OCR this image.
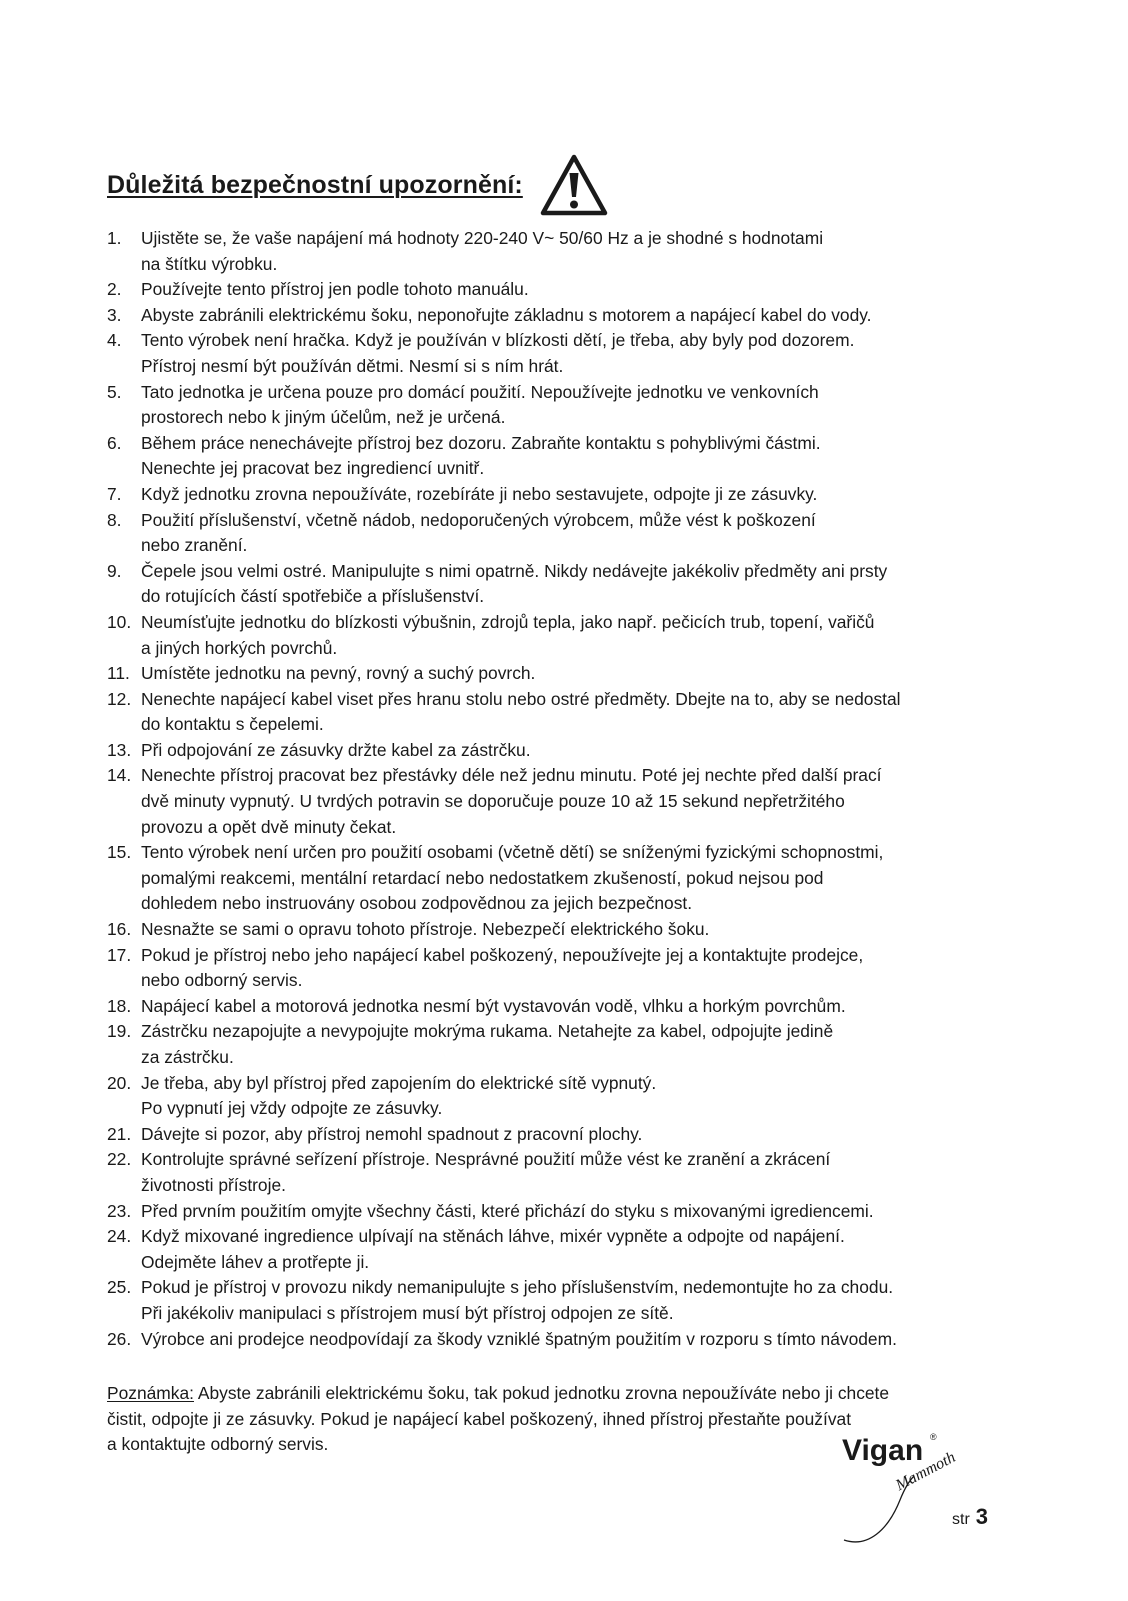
Důležitá bezpečnostní upozornění:
1.	Ujistěte se, že vaše napájení má hodnoty 220-240 V~ 50/60 Hz a je shodné s hodnotami
na štítku výrobku.
2.	Používejte tento přístroj jen podle tohoto manuálu.
3.	Abyste zabránili elektrickému šoku, neponořujte základnu s motorem a napájecí kabel do vody.
4.	Tento výrobek není hračka. Když je používán v blízkosti dětí, je třeba, aby byly pod dozorem.
Přístroj nesmí být používán dětmi. Nesmí si s ním hrát.
5.	Tato jednotka je určena pouze pro domácí použití. Nepoužívejte jednotku ve venkovních
prostorech nebo k jiným účelům, než je určená.
6.	Během práce nenechávejte přístroj bez dozoru. Zabraňte kontaktu s pohyblivými částmi.
Nenechte jej pracovat bez ingrediencí uvnitř.
7.	Když jednotku zrovna nepoužíváte, rozebíráte ji nebo sestavujete, odpojte ji ze zásuvky.
8.	Použití příslušenství, včetně nádob, nedoporučených výrobcem, může vést k poškození
nebo zranění.
9.	Čepele jsou velmi ostré. Manipulujte s nimi opatrně. Nikdy nedávejte jakékoliv předměty ani prsty
do rotujících částí spotřebiče a příslušenství.
10. Neumísťujte jednotku do blízkosti výbušnin, zdrojů tepla, jako např. pečicích trub, topení, vařičů
a jiných horkých povrchů.
11. Umístěte jednotku na pevný, rovný a suchý povrch.
12. Nenechte napájecí kabel viset přes hranu stolu nebo ostré předměty. Dbejte na to, aby se nedostal
do kontaktu s čepelemi.
13. Při odpojování ze zásuvky držte kabel za zástrčku.
14. Nenechte přístroj pracovat bez přestávky déle než jednu minutu. Poté jej nechte před další prací
dvě minuty vypnutý. U tvrdých potravin se doporučuje pouze 10 až 15 sekund nepřetržitého
provozu a opět dvě minuty čekat.
15. Tento výrobek není určen pro použití osobami (včetně dětí) se sníženými fyzickými schopnostmi,
pomalými reakcemi, mentální retardací nebo nedostatkem zkušeností, pokud nejsou pod
dohledem nebo instruovány osobou zodpovědnou za jejich bezpečnost.
16. Nesnažte se sami o opravu tohoto přístroje. Nebezpečí elektrického šoku.
17. Pokud je přístroj nebo jeho napájecí kabel poškozený, nepoužívejte jej a kontaktujte prodejce,
nebo odborný servis.
18. Napájecí kabel a motorová jednotka nesmí být vystavován vodě, vlhku a horkým povrchům.
19. Zástrčku nezapojujte a nevypojujte mokrýma rukama. Netahejte za kabel, odpojujte jedině
za zástrčku.
20. Je třeba, aby byl přístroj před zapojením do elektrické sítě vypnutý.
Po vypnutí jej vždy odpojte ze zásuvky.
21. Dávejte si pozor, aby přístroj nemohl spadnout z pracovní plochy.
22. Kontrolujte správné seřízení přístroje. Nesprávné použití může vést ke zranění a zkrácení
životnosti přístroje.
23. Před prvním použitím omyjte všechny části, které přichází do styku s mixovanými igrediencemi.
24. Když mixované ingredience ulpívají na stěnách láhve, mixér vypněte a odpojte od napájení.
Odejměte láhev a protřepte ji.
25. Pokud je přístroj v provozu nikdy nemanipulujte s jeho příslušenstvím, nedemontujte ho za chodu.
Při jakékoliv manipulaci s přístrojem musí být přístroj odpojen ze sítě.
26. Výrobce ani prodejce neodpovídají za škody vzniklé špatným použitím v rozporu s tímto návodem.
Poznámka: Abyste zabránili elektrickému šoku, tak pokud jednotku zrovna nepoužíváte nebo ji chcete
čistit, odpojte ji ze zásuvky. Pokud je napájecí kabel poškozený, ihned přístroj přestaňte používat
a kontaktujte odborný servis.	Vigan ®
Mammoth
str 3
